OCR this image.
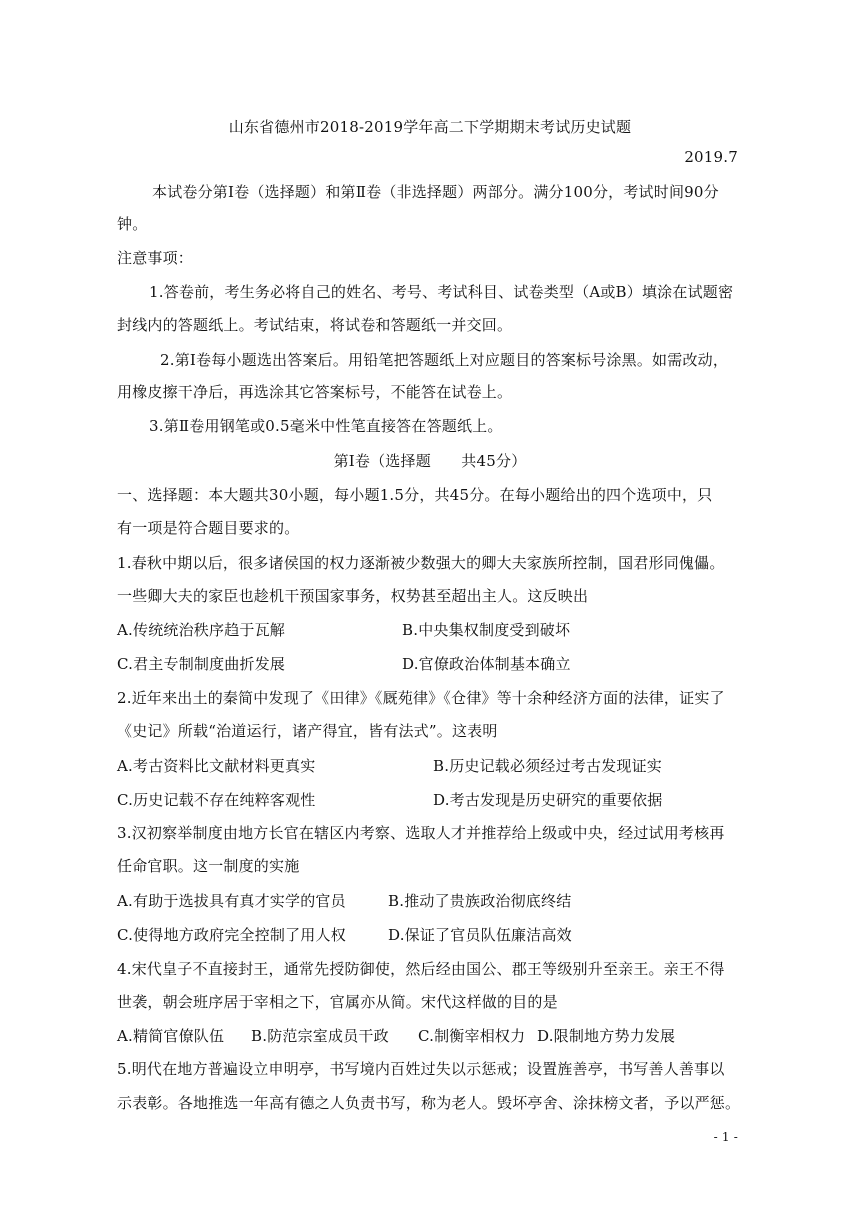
山东省德州市2018-2019学年高二下学期期末考试历史试题
2019.7
本试卷分第Ⅰ卷（选择题）和第Ⅱ卷（非选择题）两部分。满分100分，考试时间90分
钟。
注意事项：
1.答卷前，考生务必将自己的姓名、考号、考试科目、试卷类型（A或B）填涂在试题密
封线内的答题纸上。考试结束，将试卷和答题纸一并交回。
2.第Ⅰ卷每小题选出答案后。用铅笔把答题纸上对应题目的答案标号涂黑。如需改动，
用橡皮擦干净后，再选涂其它答案标号，不能答在试卷上。
3.第Ⅱ卷用钢笔或0.5毫米中性笔直接答在答题纸上。
第Ⅰ卷（选择题　　共45分）
一、选择题：本大题共30小题，每小题1.5分，共45分。在每小题给出的四个选项中，只
有一项是符合题目要求的。
1.春秋中期以后，很多诸侯国的权力逐渐被少数强大的卿大夫家族所控制，国君形同傀儡。
一些卿大夫的家臣也趁机干预国家事务，权势甚至超出主人。这反映出
A.传统统治秩序趋于瓦解	B.中央集权制度受到破坏
C.君主专制制度曲折发展	D.官僚政治体制基本确立
2.近年来出土的秦简中发现了《田律》《厩苑律》《仓律》等十余种经济方面的法律，证实了
《史记》所载“治道运行，诸产得宜，皆有法式”。这表明
A.考古资料比文献材料更真实	B.历史记载必须经过考古发现证实
C.历史记载不存在纯粹客观性	D.考古发现是历史研究的重要依据
3.汉初察举制度由地方长官在辖区内考察、选取人才并推荐给上级或中央，经过试用考核再
任命官职。这一制度的实施
A.有助于选拔具有真才实学的官员	B.推动了贵族政治彻底终结
C.使得地方政府完全控制了用人权	D.保证了官员队伍廉洁高效
4.宋代皇子不直接封王，通常先授防御使，然后经由国公、郡王等级别升至亲王。亲王不得
世袭，朝会班序居于宰相之下，官属亦从简。宋代这样做的目的是
A.精简官僚队伍 B.防范宗室成员干政 C.制衡宰相权力 D.限制地方势力发展
5.明代在地方普遍设立申明亭，书写境内百姓过失以示惩戒；设置旌善亭，书写善人善事以
示表彰。各地推选一年高有德之人负责书写，称为老人。毁坏亭舍、涂抹榜文者，予以严惩。
- 1 -
